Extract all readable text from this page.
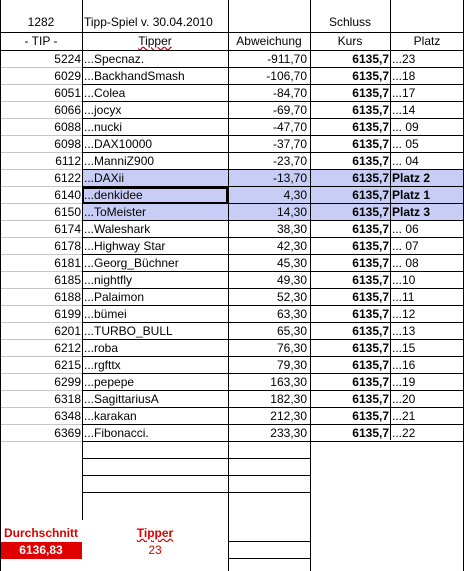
1282	Tipp-Spiel v. 30.04.2010	Schluss
- TIP -	Tipper	Abweichung	Kurs	Platz
5224 ...Specnaz.	-911,70	6135,7 ...23
6029 ...BackhandSmash	-106,70	6135,7 ...18
6051 ...Colea	-84,70	6135,7 ...17
6066 ...jocyx	-69,70	6135,7 ...14
6088 ...nucki	-47,70	6135,7 ... 09
6098 ...DAX10000	-37,70	6135,7 ... 05
6112 ...ManniZ900	-23,70	6135,7 ... 04
6122 ...DAXii	-13,70	6135,7 Platz 2
6140 ...denkidee	4,30	6135,7 Platz 1
6150 ...ToMeister	14,30	6135,7 Platz 3
6174 ...Waleshark	38,30	6135,7 ... 06
6178 ...Highway Star	42,30	6135,7 ... 07
6181 ...Georg_Büchner	45,30	6135,7 ... 08
6185 ...nightfly	49,30	6135,7 ...10
6188 ...Palaimon	52,30	6135,7 ...11
6199 ...bümei	63,30	6135,7 ...12
6201 ...TURBO_BULL	65,30	6135,7 ...13
6212 ...roba	76,30	6135,7 ...15
6215 ...rgfttx	79,30	6135,7 ...16
6299 ...pepepe	163,30	6135,7 ...19
6318 ...SagittariusA	182,30	6135,7 ...20
6348 ...karakan	212,30	6135,7 ...21
6369 ...Fibonacci.	233,30	6135,7 ...22
Durchschnitt	Tipper
6136,83	23
